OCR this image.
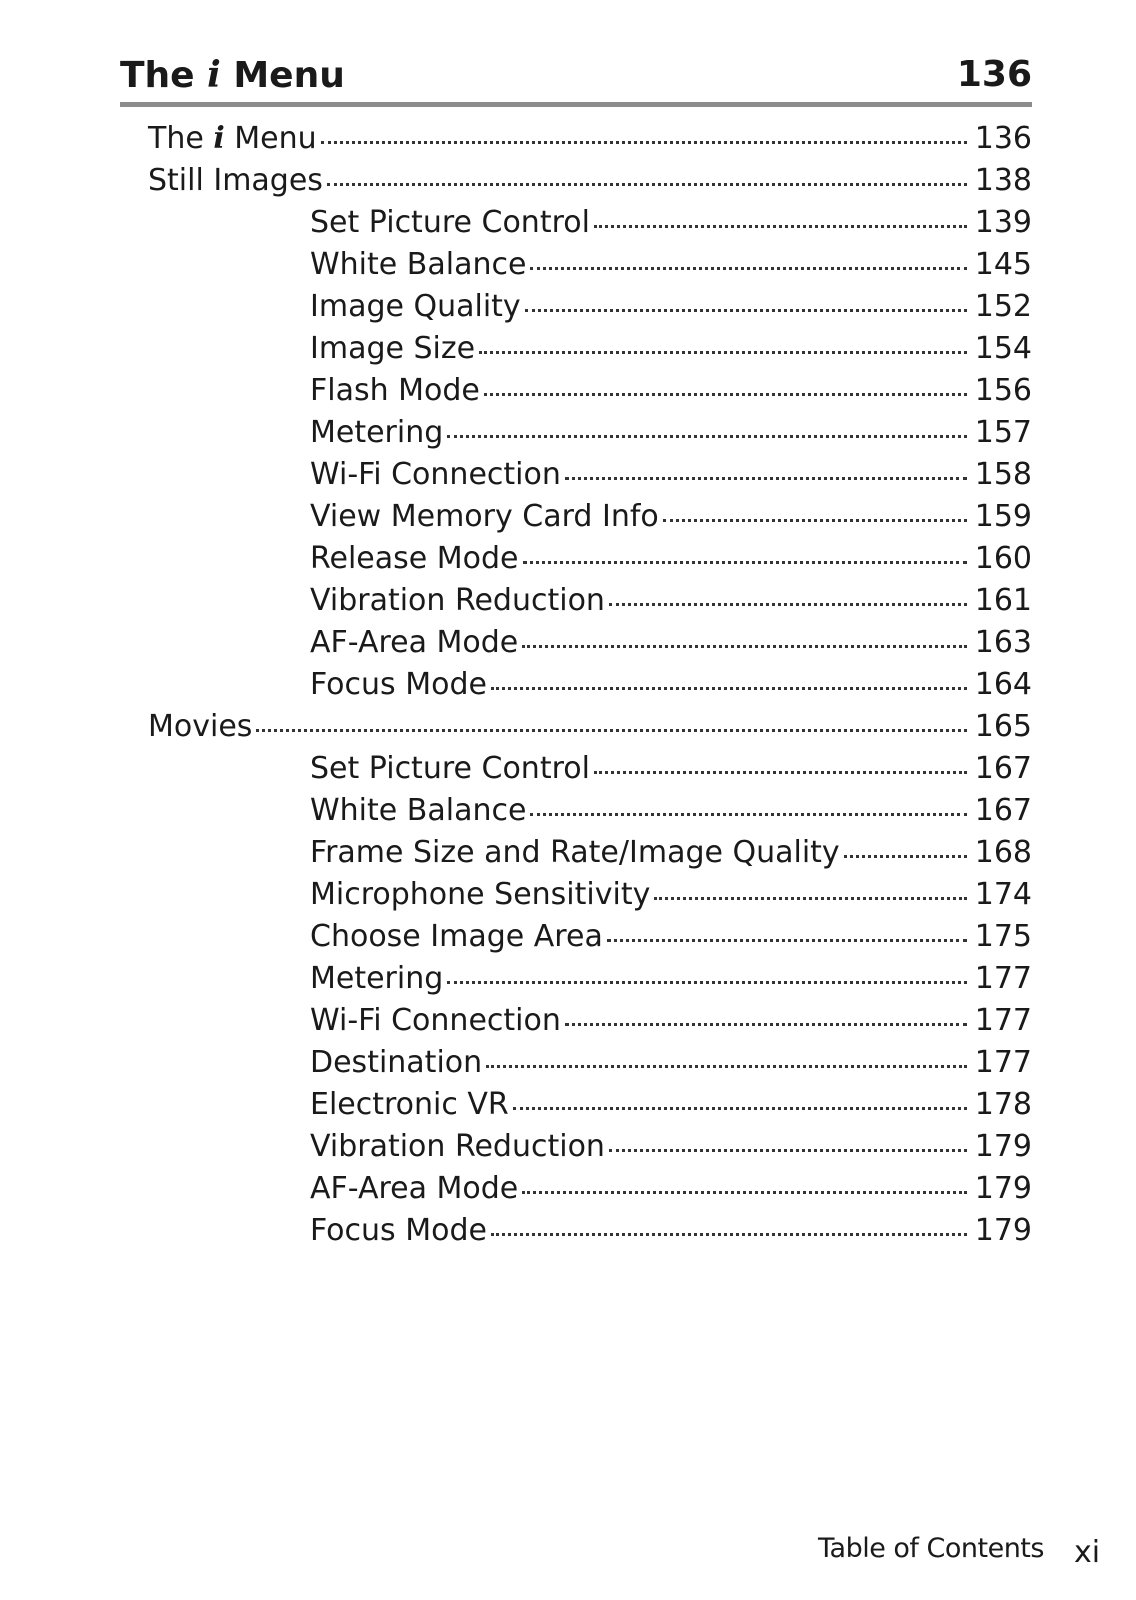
The i Menu	136
The i Menu	136
Still Images	138
Set Picture Control	139
White Balance	145
Image Quality	152
Image Size	154
Flash Mode	156
Metering	157
Wi-Fi Connection	158
View Memory Card Info	159
Release Mode	160
Vibration Reduction	161
AF-Area Mode	163
Focus Mode	164
Movies	165
Set Picture Control	167
White Balance	167
Frame Size and Rate/Image Quality	168
Microphone Sensitivity	174
Choose Image Area	175
Metering	177
Wi-Fi Connection	177
Destination	177
Electronic VR	178
Vibration Reduction	179
AF-Area Mode	179
Focus Mode	179
Table of Contents xi
